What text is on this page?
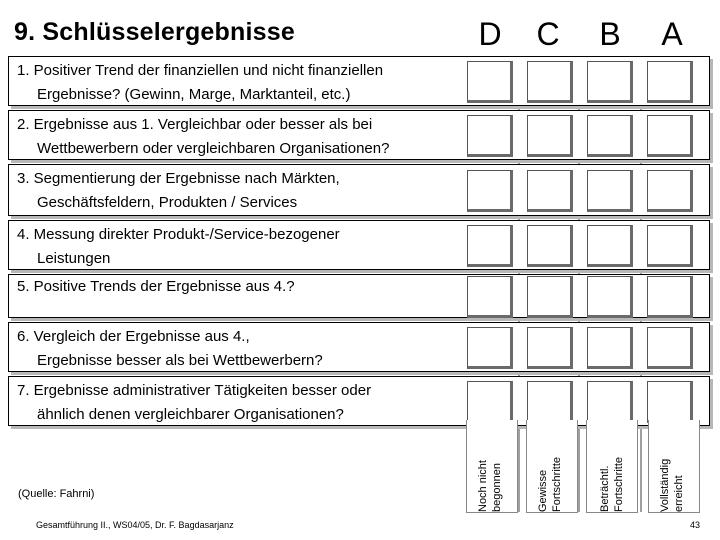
9. Schlüsselergebnisse	D	C	B	A
1. Positiver Trend der finanziellen und nicht finanziellen
Ergebnisse? (Gewinn, Marge, Marktanteil, etc.)
2. Ergebnisse aus 1. Vergleichbar oder besser als bei
Wettbewerbern oder vergleichbaren Organisationen?
3. Segmentierung der Ergebnisse nach Märkten,
Geschäftsfeldern, Produkten / Services
4. Messung direkter Produkt-/Service-bezogener
Leistungen
5. Positive Trends der Ergebnisse aus 4.?
6. Vergleich der Ergebnisse aus 4.,
Ergebnisse besser als bei Wettbewerbern?
7. Ergebnisse administrativer Tätigkeiten besser oder
ähnlich denen vergleichbarer Organisationen?
Noch nicht begonnen	Gewisse Fortschritte	Beträchtl. Fortschritte	Vollständig erreicht
(Quelle: Fahrni)
Gesamtführung II., WS04/05, Dr. F. Bagdasarjanz	43
